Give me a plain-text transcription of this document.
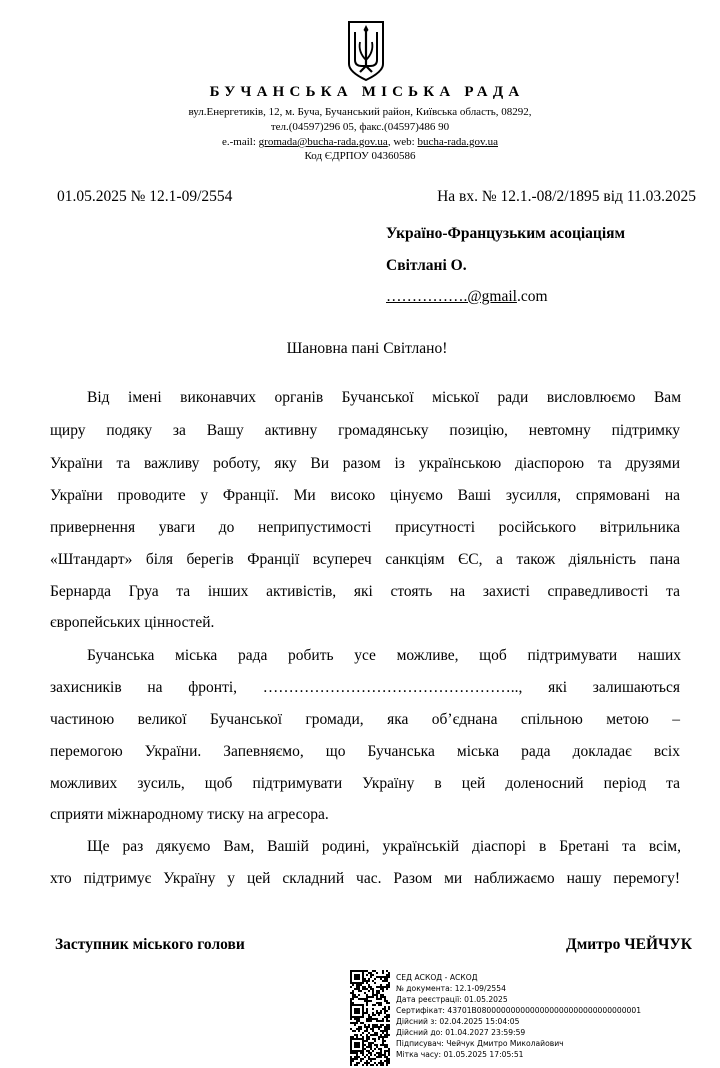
БУЧАНСЬКА МІСЬКА РАДА
вул.Енергетиків, 12, м. Буча, Бучанський район, Київська область, 08292,
тел.(04597)296 05, факс.(04597)486 90
e.-mail: gromada@bucha-rada.gov.ua, web: bucha-rada.gov.ua
Код ЄДРПОУ 04360586
01.05.2025 № 12.1-09/2554	На вх. № 12.1.-08/2/1895 від 11.03.2025
Україно-Французьким асоціаціям
Світлані О.
…………….@gmail.com
Шановна пані Світлано!
Від імені виконавчих органів Бучанської міської ради висловлюємо Вам
щиру подяку за Вашу активну громадянську позицію, невтомну підтримку
України та важливу роботу, яку Ви разом із українською діаспорою та друзями
України проводите у Франції. Ми високо цінуємо Ваші зусилля, спрямовані на
привернення уваги до неприпустимості присутності російського вітрильника
«Штандарт» біля берегів Франції всупереч санкціям ЄС, а також діяльність пана
Бернарда Груа та інших активістів, які стоять на захисті справедливості та
європейських цінностей.
Бучанська міська рада робить усе можливе, щоб підтримувати наших
захисників на фронті, ………………………………………….., які залишаються
частиною великої Бучанської громади, яка об’єднана спільною метою –
перемогою України. Запевняємо, що Бучанська міська рада докладає всіх
можливих зусиль, щоб підтримувати Україну в цей доленосний період та
сприяти міжнародному тиску на агресора.
Ще раз дякуємо Вам, Вашій родині, українській діаспорі в Бретані та всім,
хто підтримує Україну у цей складний час. Разом ми наближаємо нашу перемогу!
Заступник міського голови	Дмитро ЧЕЙЧУК
СЕД АСКОД - АСКОД
№ документа: 12.1-09/2554
Дата реєстрації: 01.05.2025
Сертифікат: 43701B0800000000000000000000000000000001
Дійсний з: 02.04.2025 15:04:05
Дійсний до: 01.04.2027 23:59:59
Підписувач: Чейчук Дмитро Миколайович
Мітка часу: 01.05.2025 17:05:51
